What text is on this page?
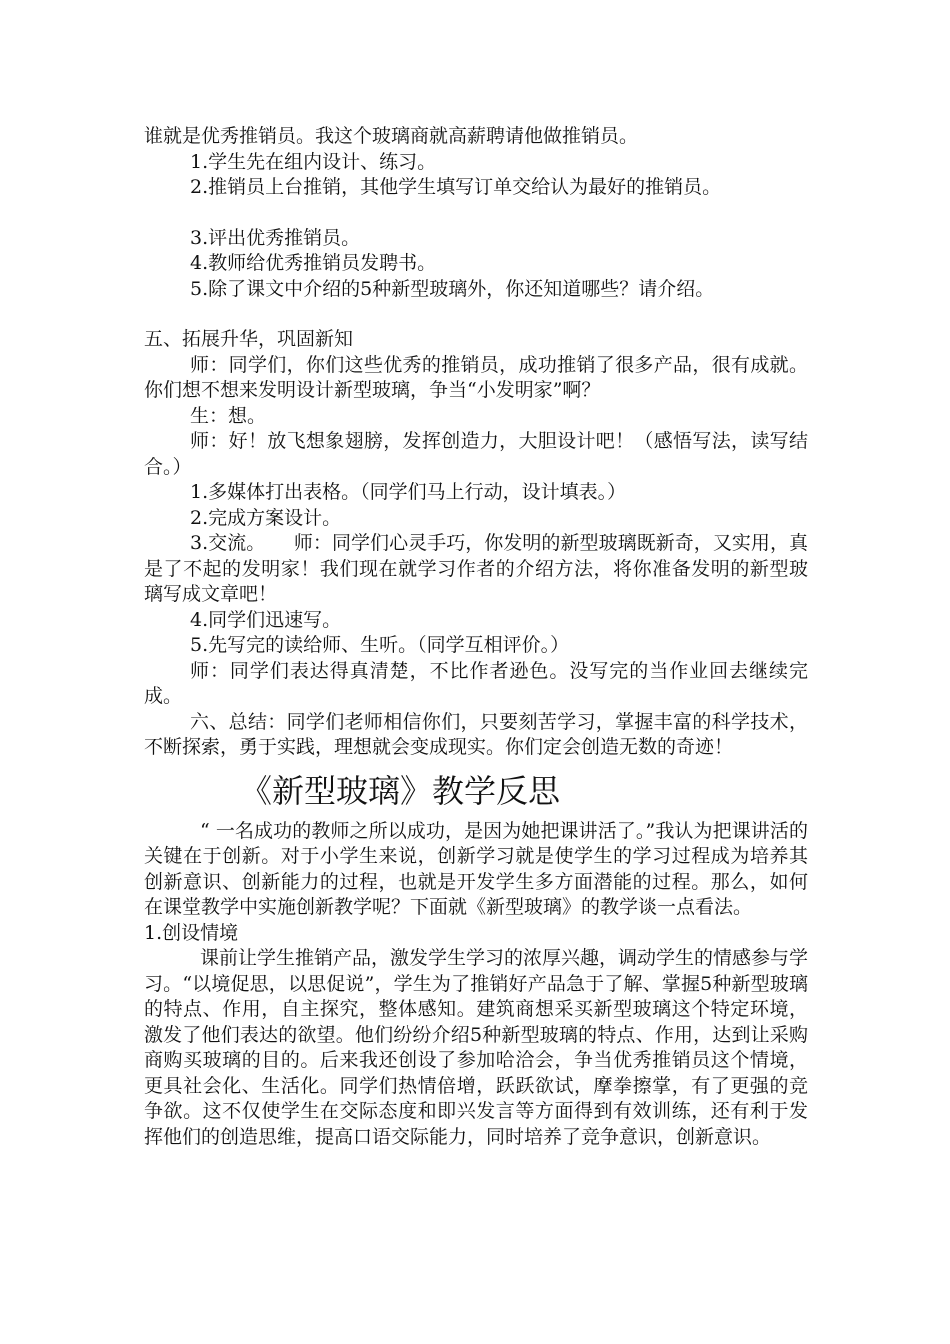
谁就是优秀推销员。我这个玻璃商就高薪聘请他做推销员。

1.学生先在组内设计、练习。

2.推销员上台推销，其他学生填写订单交给认为最好的推销员。

3.评出优秀推销员。

4.教师给优秀推销员发聘书。

5.除了课文中介绍的5种新型玻璃外，你还知道哪些？请介绍。

五、拓展升华，巩固新知

师：同学们，你们这些优秀的推销员，成功推销了很多产品，很有成就。你们想不想来发明设计新型玻璃，争当“小发明家”啊？

生：想。

师：好！放飞想象翅膀，发挥创造力，大胆设计吧！（感悟写法，读写结合。）

1.多媒体打出表格。（同学们马上行动，设计填表。）

2.完成方案设计。

3.交流。　　师：同学们心灵手巧，你发明的新型玻璃既新奇，又实用，真是了不起的发明家！我们现在就学习作者的介绍方法，将你准备发明的新型玻璃写成文章吧！

4.同学们迅速写。

5.先写完的读给师、生听。（同学互相评价。）

师：同学们表达得真清楚，不比作者逊色。没写完的当作业回去继续完成。

六、总结：同学们老师相信你们，只要刻苦学习，掌握丰富的科学技术，不断探索，勇于实践，理想就会变成现实。你们定会创造无数的奇迹！

《新型玻璃》教学反思

“ 一名成功的教师之所以成功，是因为她把课讲活了。”我认为把课讲活的关键在于创新。对于小学生来说，创新学习就是使学生的学习过程成为培养其创新意识、创新能力的过程，也就是开发学生多方面潜能的过程。那么，如何在课堂教学中实施创新教学呢？下面就《新型玻璃》的教学谈一点看法。

1.创设情境

课前让学生推销产品，激发学生学习的浓厚兴趣，调动学生的情感参与学习。“以境促思，以思促说”，学生为了推销好产品急于了解、掌握5种新型玻璃的特点、作用，自主探究，整体感知。建筑商想采买新型玻璃这个特定环境，激发了他们表达的欲望。他们纷纷介绍5种新型玻璃的特点、作用，达到让采购商购买玻璃的目的。后来我还创设了参加哈洽会，争当优秀推销员这个情境，更具社会化、生活化。同学们热情倍增，跃跃欲试，摩拳擦掌，有了更强的竞争欲。这不仅使学生在交际态度和即兴发言等方面得到有效训练，还有利于发挥他们的创造思维，提高口语交际能力，同时培养了竞争意识，创新意识。
